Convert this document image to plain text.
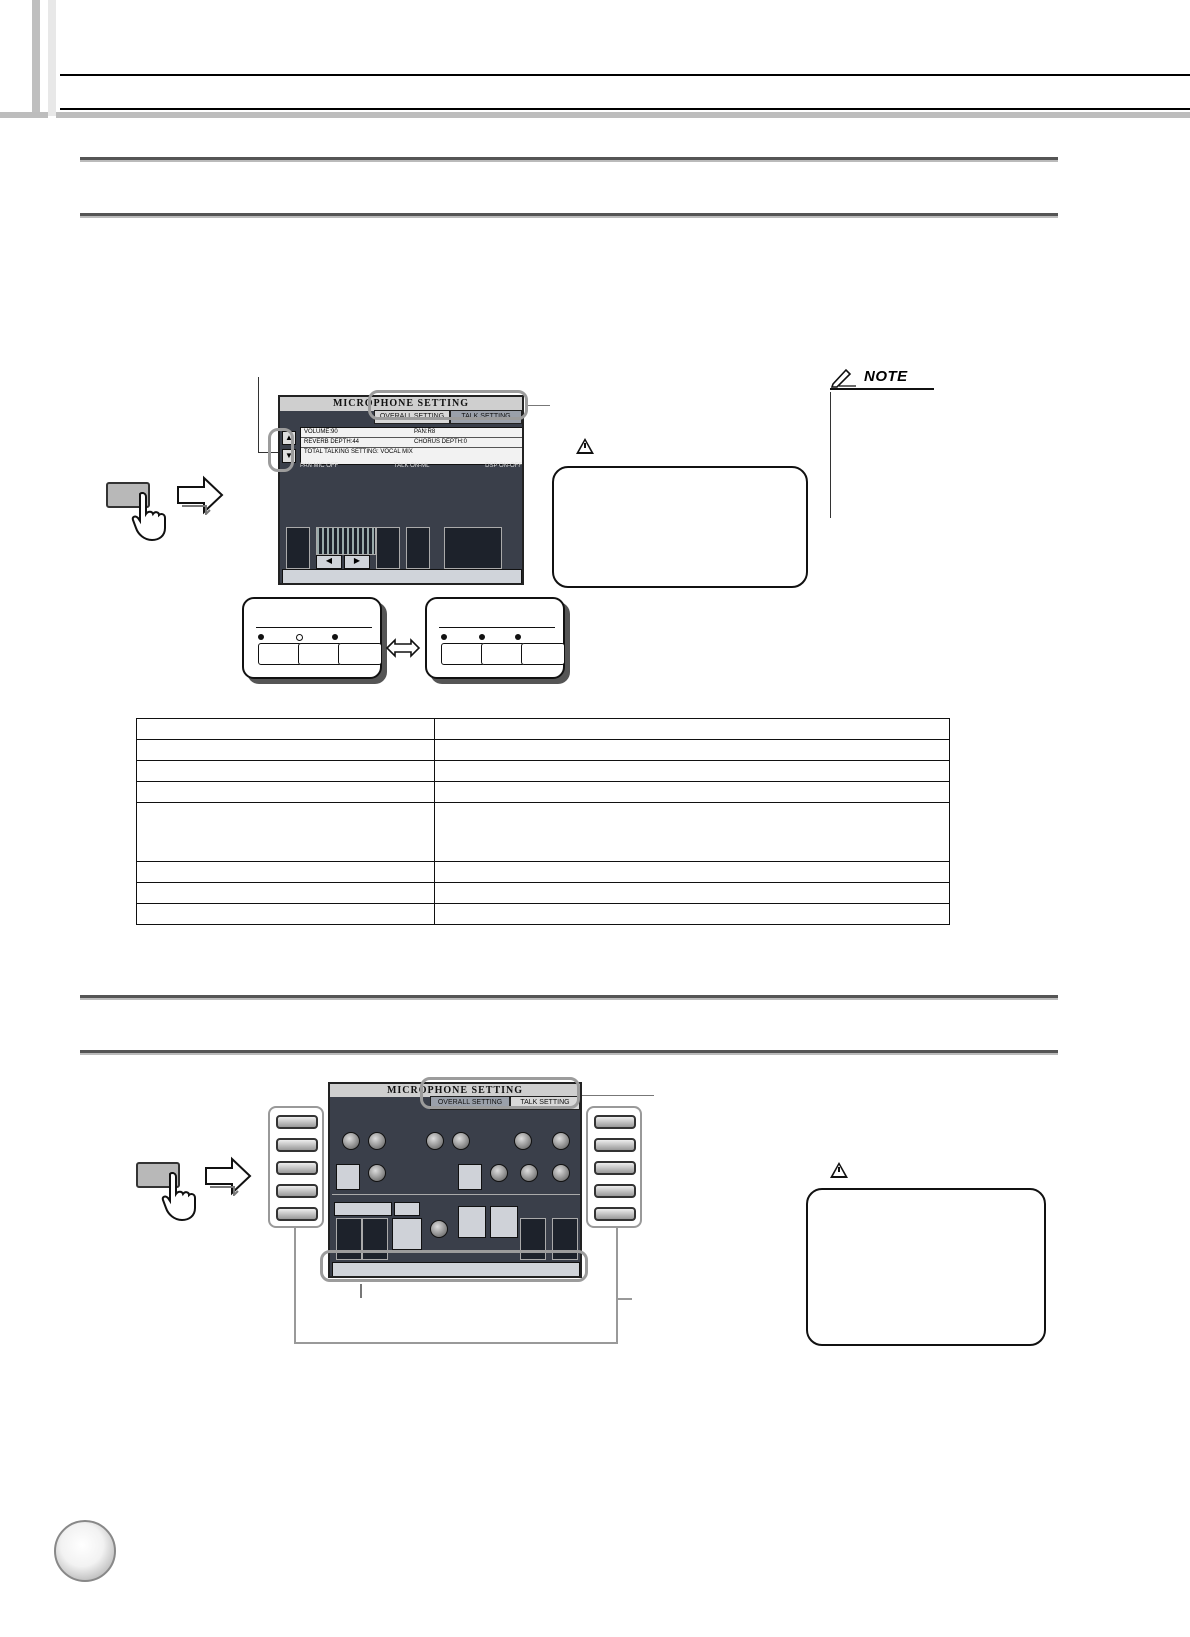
MICROPHONE SETTING
OVERALL SETTING	TALK SETTING
VOLUME:90	PAN:R8
REVERB DEPTH:44	CHORUS DEPTH:0
TOTAL TALKING SETTING: VOCAL MIX
▲
▼
PAN MIC OFF	TALK ON-ML	DSP ON-OFF
◀	▶
NOTE

MICROPHONE SETTING
OVERALL SETTING	TALK SETTING
